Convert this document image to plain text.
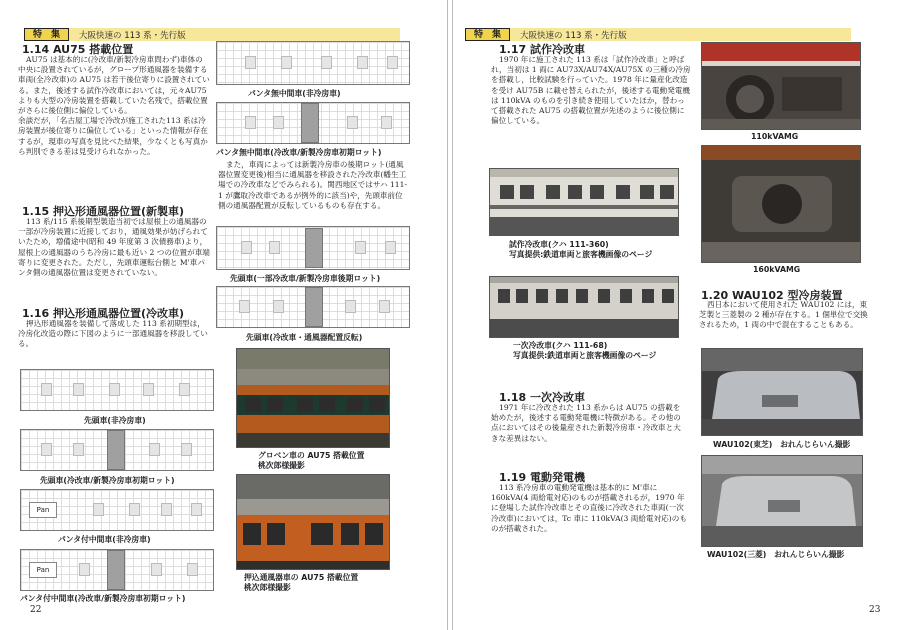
特　集	大阪快速の 113 系・先行版
1.14 AU75 搭載位置
AU75 は基本的に(冷改車/新製冷房車問わず)車体の中央に設置されているが，グロープ形通風器を装備する車両(全冷改車)の AU75 は若干後位寄りに設置されている。また，後述する試作冷改車においては，元々AU75 よりも大型の冷房装置を搭載していた名残で，搭載位置がさらに後位側に偏位している。
余談だが，「名古屋工場で冷改が施工された113 系は冷房装置が後位寄りに偏位している」といった情報が存在するが，現車の写真を見比べた結果，少なくとも写真から判別できる差は見受けられなかった。
1.15 押込形通風器位置(新製車)
113 系/115 系後期型製造当初では屋根上の通風器の一部が冷房装置に近接しており，通風効果が妨げられていたため，増備途中(昭和 49 年度第 3 次債務車)より，屋根上の通風器のうち冷房に最も近い 2 つの位置が車端寄りに変更された。ただし，先頭車運転台側と M'車パンタ側の通風器位置は変更されていない。
1.16 押込形通風器位置(冷改車)
押込形通風器を装備して落成した 113 系初期型は，冷房化改造の際に下図のように一部通風器を移設している。
先頭車(非冷房車)
先頭車(冷改車/新製冷房車初期ロット)
Pan
パンタ付中間車(非冷房車)
Pan
パンタ付中間車(冷改車/新製冷房車初期ロット)
パンタ無中間車(非冷房車)
パンタ無中間車(冷改車/新製冷房車初期ロット)
また，車両によっては新製冷房車の後期ロット(通風器位置変更後)相当に通風器を移設された冷改車(幡生工場での冷改車などでみられる)。関西地区ではサハ 111-1 が鷹取冷改車であるが例外的に該当)や，先頭車前位側の通風器配置が反転しているものも存在する。
先頭車(一部冷改車/新製冷房車後期ロット)
先頭車(冷改車・通風器配置反転)
グロベン車の AU75 搭載位置
桃次郎様撮影
押込通風器車の AU75 搭載位置
桃次郎様撮影
22
特　集	大阪快速の 113 系・先行版
1.17 試作冷改車
1970 年に施工された 113 系は「試作冷改車」と呼ばれ，当初は 1 両に AU73X/AU74X/AU75X の三種の冷房を搭載し，比較試験を行っていた。1978 年に量産化改造を受け AU75B に載せ替えられたが，後述する電動発電機は 110kVA のものを引き続き使用していたほか，替わって搭載された AU75 の搭載位置が先述のように後位側に偏位している。
110kVAMG
160kVAMG
試作冷改車(クハ 111-360)
写真提供:鉄道車両と旅客機画像のページ
一次冷改車(クハ 111-68)
写真提供:鉄道車両と旅客機画像のページ
1.18 一次冷改車
1971 年に冷改された 113 系からは AU75 の搭載を始めたが，後述する電動発電機に特徴がある。その他の点においてはその後量産された新製冷房車・冷改車と大きな差異はない。
1.19 電動発電機
113 系冷房車の電動発電機は基本的に M'車に 160kVA(4 両給電対応)のものが搭載されるが，1970 年に登場した試作冷改車とその直後に冷改された車両(一次冷改車)においては，Tc 車に 110kVA(3 両給電対応)のものが搭載された。
1.20 WAU102 型冷房装置
西日本において使用された WAU102 には，東芝製と三菱製の 2 種が存在する。1 個単位で交換されるため，1 両の中で混在することもある。
WAU102(東芝)　おれんじらいん撮影
WAU102(三菱)　おれんじらいん撮影
23
